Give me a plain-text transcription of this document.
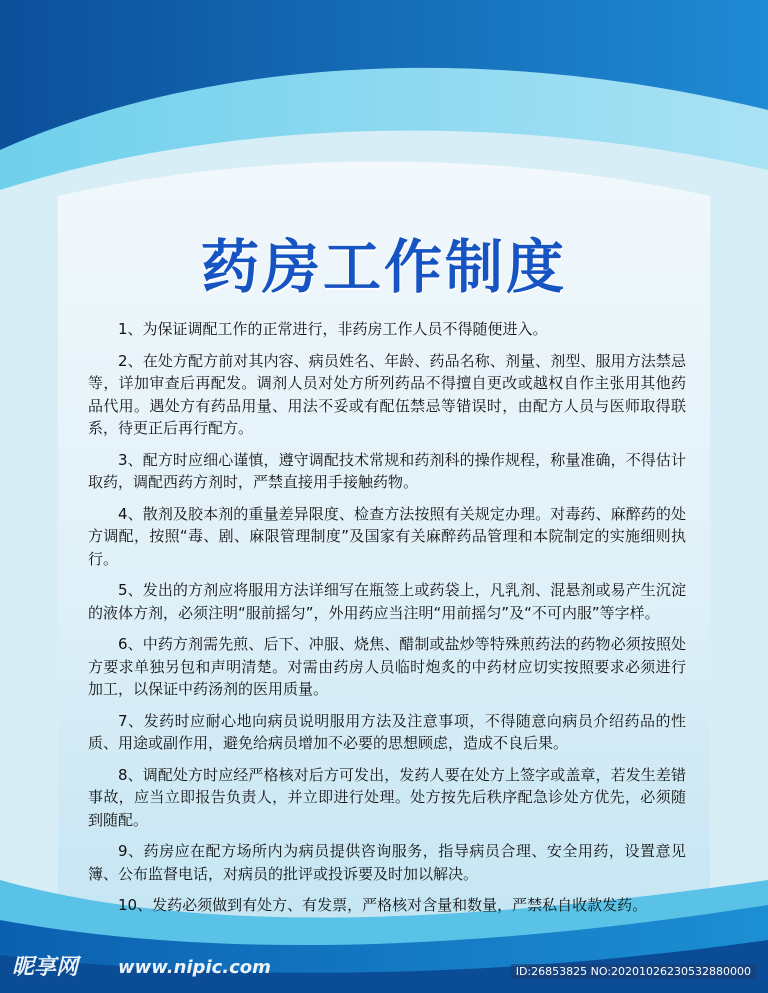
药房工作制度

1、为保证调配工作的正常进行，非药房工作人员不得随便进入。

2、在处方配方前对其内容、病员姓名、年龄、药品名称、剂量、剂型、服用方法禁忌等，详加审查后再配发。调剂人员对处方所列药品不得擅自更改或越权自作主张用其他药品代用。遇处方有药品用量、用法不妥或有配伍禁忌等错误时，由配方人员与医师取得联系，待更正后再行配方。

3、配方时应细心谨慎，遵守调配技术常规和药剂科的操作规程，称量准确，不得估计取药，调配西药方剂时，严禁直接用手接触药物。

4、散剂及胶本剂的重量差异限度、检查方法按照有关规定办理。对毒药、麻醉药的处方调配，按照“毒、剧、麻限管理制度”及国家有关麻醉药品管理和本院制定的实施细则执行。

5、发出的方剂应将服用方法详细写在瓶签上或药袋上，凡乳剂、混悬剂或易产生沉淀的液体方剂，必须注明“服前摇匀”，外用药应当注明“用前摇匀”及“不可内服”等字样。

6、中药方剂需先煎、后下、冲服、烧焦、醋制或盐炒等特殊煎药法的药物必须按照处方要求单独另包和声明清楚。对需由药房人员临时炮炙的中药材应切实按照要求必须进行加工，以保证中药汤剂的医用质量。

7、发药时应耐心地向病员说明服用方法及注意事项，不得随意向病员介绍药品的性质、用途或副作用，避免给病员增加不必要的思想顾虑，造成不良后果。

8、调配处方时应经严格核对后方可发出，发药人要在处方上签字或盖章，若发生差错事故，应当立即报告负责人，并立即进行处理。处方按先后秩序配急诊处方优先，必须随到随配。

9、药房应在配方场所内为病员提供咨询服务，指导病员合理、安全用药，设置意见簿、公布监督电话，对病员的批评或投诉要及时加以解决。

10、发药必须做到有处方、有发票，严格核对含量和数量，严禁私自收款发药。

昵享网 www.nipic.com	ID:26853825 NO:20201026230532880000
